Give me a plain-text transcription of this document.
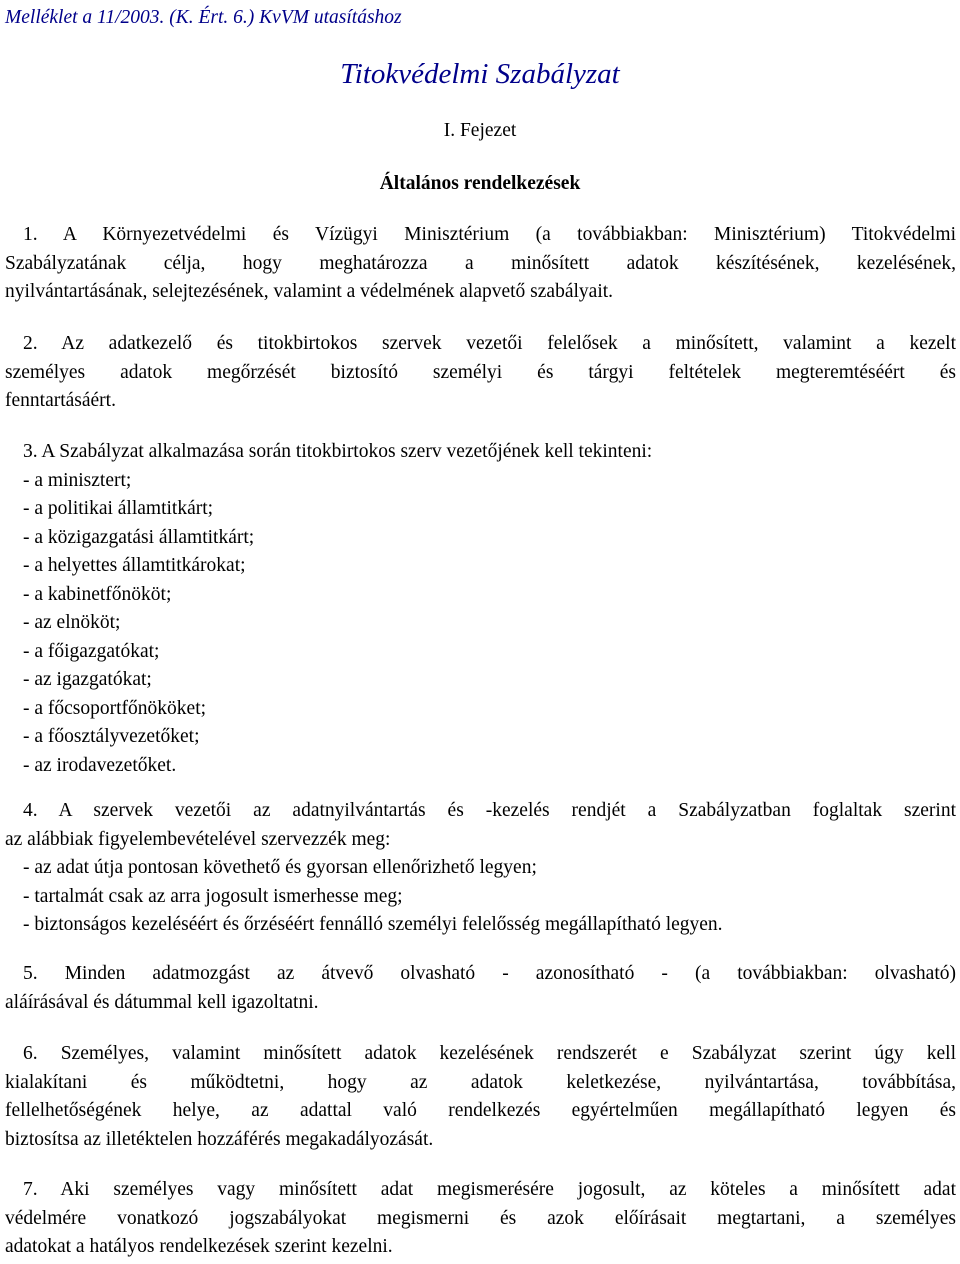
Melléklet a 11/2003. (K. Ért. 6.) KvVM utasításhoz
Titokvédelmi Szabályzat
I. Fejezet
Általános rendelkezések
1. A Környezetvédelmi és Vízügyi Minisztérium (a továbbiakban: Minisztérium) Titokvédelmi
Szabályzatának célja, hogy meghatározza a minősített adatok készítésének, kezelésének,
nyilvántartásának, selejtezésének, valamint a védelmének alapvető szabályait.
2. Az adatkezelő és titokbirtokos szervek vezetői felelősek a minősített, valamint a kezelt
személyes adatok megőrzését biztosító személyi és tárgyi feltételek megteremtéséért és
fenntartásáért.
3. A Szabályzat alkalmazása során titokbirtokos szerv vezetőjének kell tekinteni:
- a minisztert;
- a politikai államtitkárt;
- a közigazgatási államtitkárt;
- a helyettes államtitkárokat;
- a kabinetfőnököt;
- az elnököt;
- a főigazgatókat;
- az igazgatókat;
- a főcsoportfőnököket;
- a főosztályvezetőket;
- az irodavezetőket.
4. A szervek vezetői az adatnyilvántartás és -kezelés rendjét a Szabályzatban foglaltak szerint
az alábbiak figyelembevételével szervezzék meg:
- az adat útja pontosan követhető és gyorsan ellenőrizhető legyen;
- tartalmát csak az arra jogosult ismerhesse meg;
- biztonságos kezeléséért és őrzéséért fennálló személyi felelősség megállapítható legyen.
5. Minden adatmozgást az átvevő olvasható - azonosítható - (a továbbiakban: olvasható)
aláírásával és dátummal kell igazoltatni.
6. Személyes, valamint minősített adatok kezelésének rendszerét e Szabályzat szerint úgy kell
kialakítani és működtetni, hogy az adatok keletkezése, nyilvántartása, továbbítása,
fellelhetőségének helye, az adattal való rendelkezés egyértelműen megállapítható legyen és
biztosítsa az illetéktelen hozzáférés megakadályozását.
7. Aki személyes vagy minősített adat megismerésére jogosult, az köteles a minősített adat
védelmére vonatkozó jogszabályokat megismerni és azok előírásait megtartani, a személyes
adatokat a hatályos rendelkezések szerint kezelni.
